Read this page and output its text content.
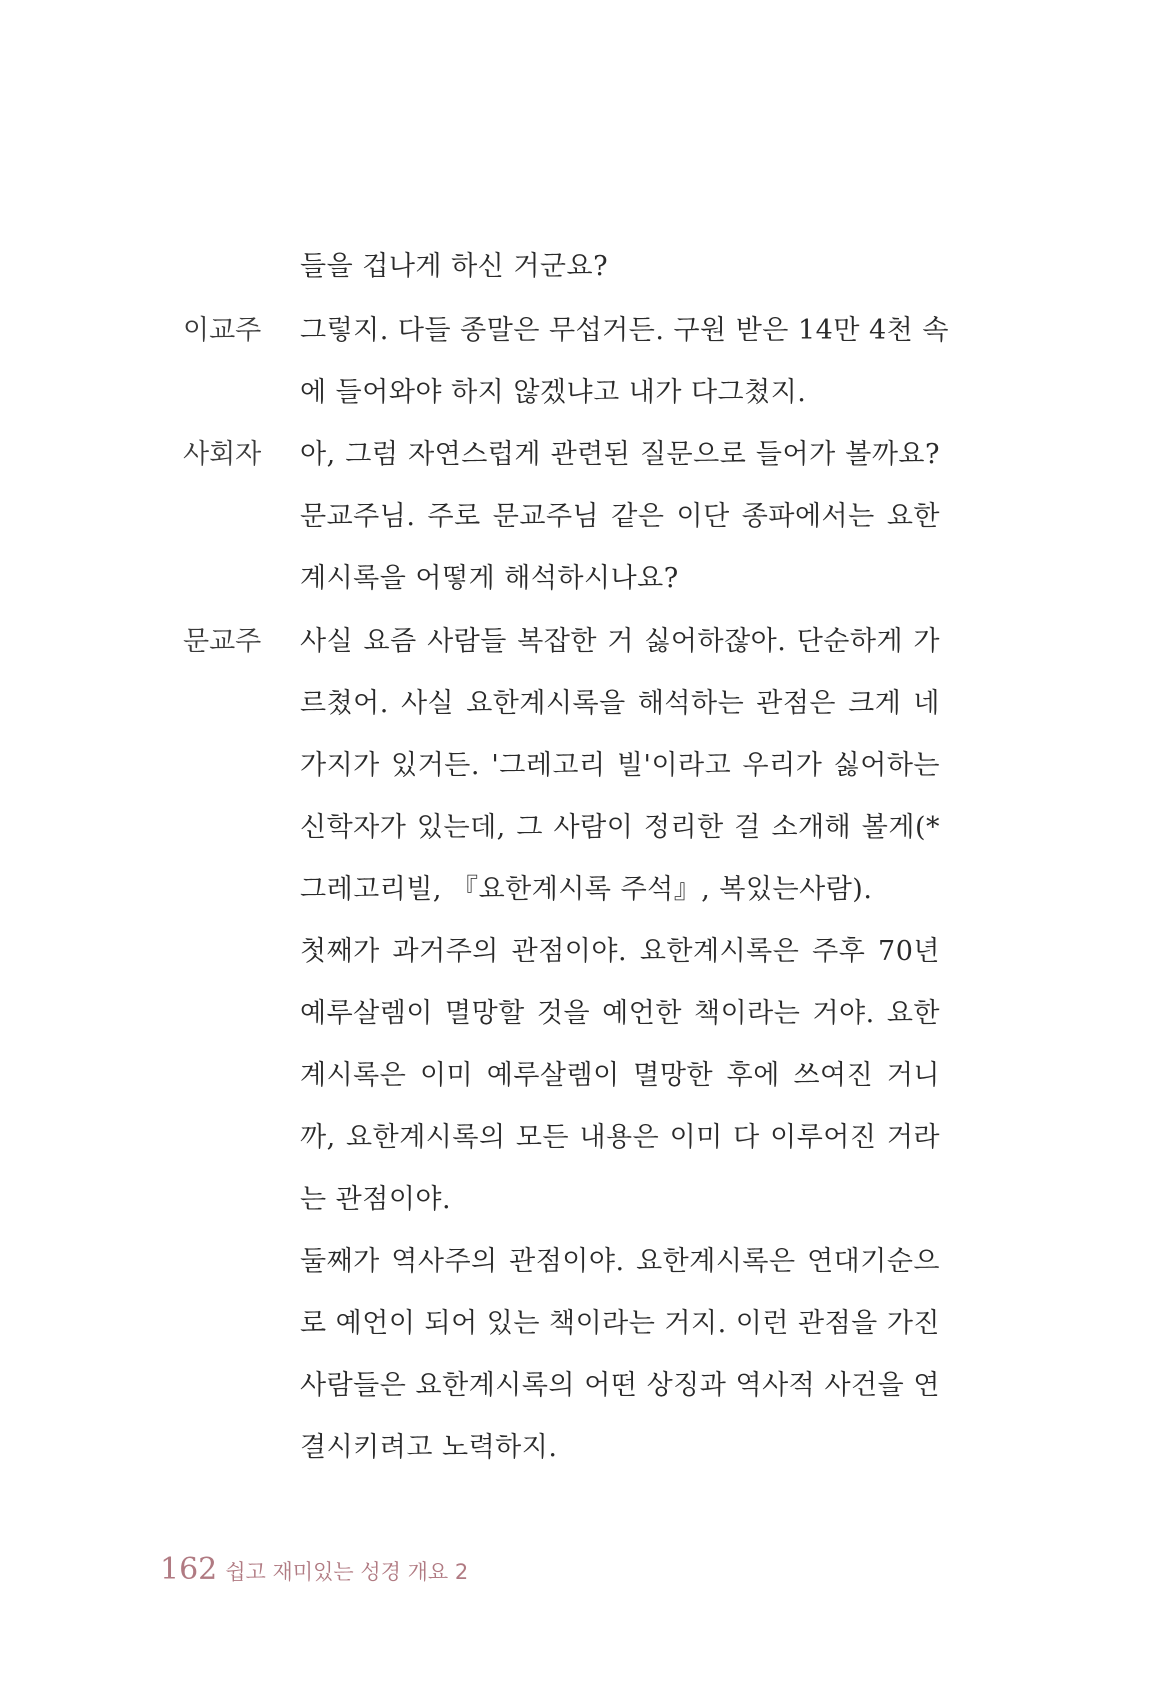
들을 겁나게 하신 거군요?
이교주	그렇지. 다들 종말은 무섭거든. 구원 받은 14만 4천 속
에 들어와야 하지 않겠냐고 내가 다그쳤지.
사회자	아, 그럼 자연스럽게 관련된 질문으로 들어가 볼까요?
문교주님. 주로 문교주님 같은 이단 종파에서는 요한
계시록을 어떻게 해석하시나요?
문교주	사실 요즘 사람들 복잡한 거 싫어하잖아. 단순하게 가
르쳤어. 사실 요한계시록을 해석하는 관점은 크게 네
가지가 있거든. '그레고리 빌'이라고 우리가 싫어하는
신학자가 있는데, 그 사람이 정리한 걸 소개해 볼게(*
그레고리빌, 『요한계시록 주석』, 복있는사람).
첫째가 과거주의 관점이야. 요한계시록은 주후 70년
예루살렘이 멸망할 것을 예언한 책이라는 거야. 요한
계시록은 이미 예루살렘이 멸망한 후에 쓰여진 거니
까, 요한계시록의 모든 내용은 이미 다 이루어진 거라
는 관점이야.
둘째가 역사주의 관점이야. 요한계시록은 연대기순으
로 예언이 되어 있는 책이라는 거지. 이런 관점을 가진
사람들은 요한계시록의 어떤 상징과 역사적 사건을 연
결시키려고 노력하지.
162 쉽고 재미있는 성경 개요 2
